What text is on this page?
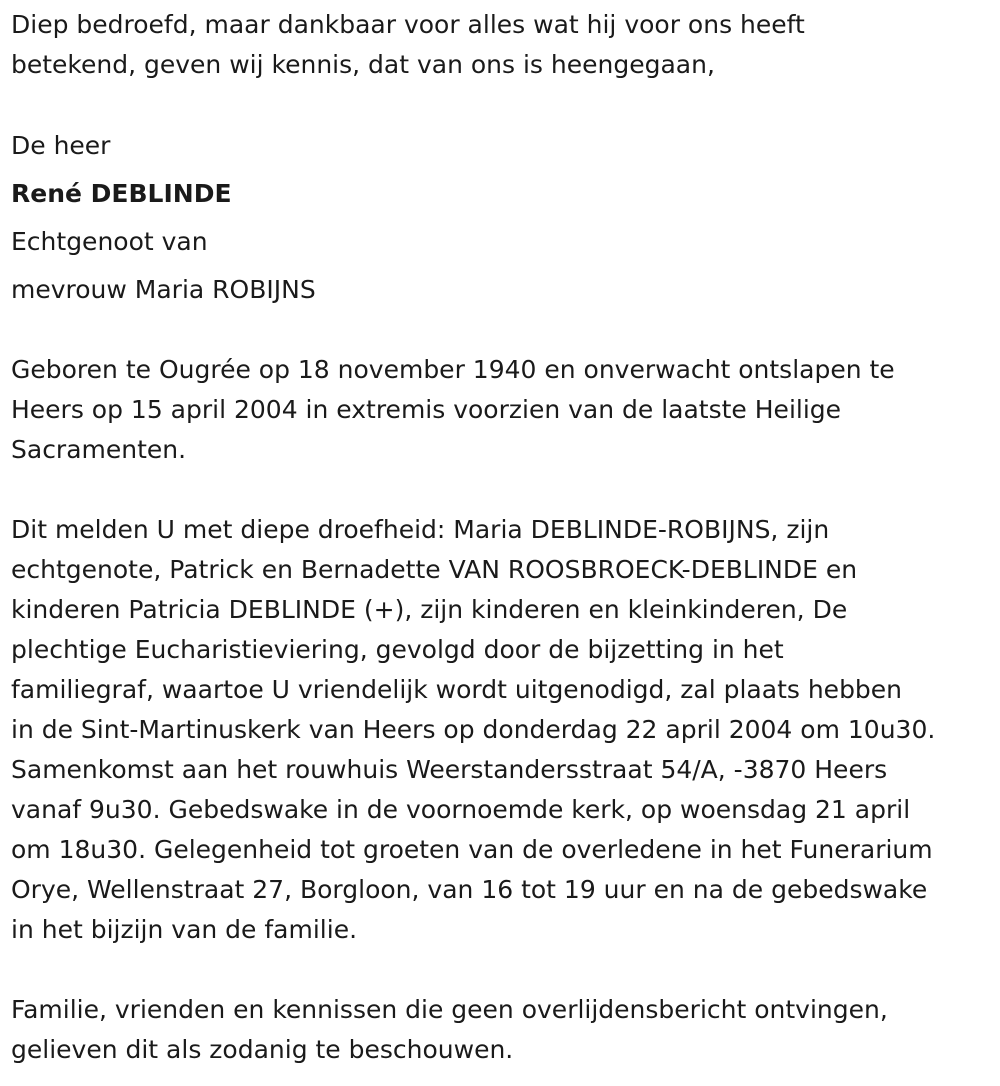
Diep bedroefd, maar dankbaar voor alles wat hij voor ons heeft
betekend, geven wij kennis, dat van ons is heengegaan,
De heer
René DEBLINDE
Echtgenoot van
mevrouw Maria ROBIJNS
Geboren te Ougrée op 18 november 1940 en onverwacht ontslapen te
Heers op 15 april 2004 in extremis voorzien van de laatste Heilige
Sacramenten.
Dit melden U met diepe droefheid: Maria DEBLINDE-ROBIJNS, zijn
echtgenote, Patrick en Bernadette VAN ROOSBROECK-DEBLINDE en
kinderen Patricia DEBLINDE (+), zijn kinderen en kleinkinderen, De
plechtige Eucharistieviering, gevolgd door de bijzetting in het
familiegraf, waartoe U vriendelijk wordt uitgenodigd, zal plaats hebben
in de Sint-Martinuskerk van Heers op donderdag 22 april 2004 om 10u30.
Samenkomst aan het rouwhuis Weerstandersstraat 54/A, -3870 Heers
vanaf 9u30. Gebedswake in de voornoemde kerk, op woensdag 21 april
om 18u30. Gelegenheid tot groeten van de overledene in het Funerarium
Orye, Wellenstraat 27, Borgloon, van 16 tot 19 uur en na de gebedswake
in het bijzijn van de familie.
Familie, vrienden en kennissen die geen overlijdensbericht ontvingen,
gelieven dit als zodanig te beschouwen.
